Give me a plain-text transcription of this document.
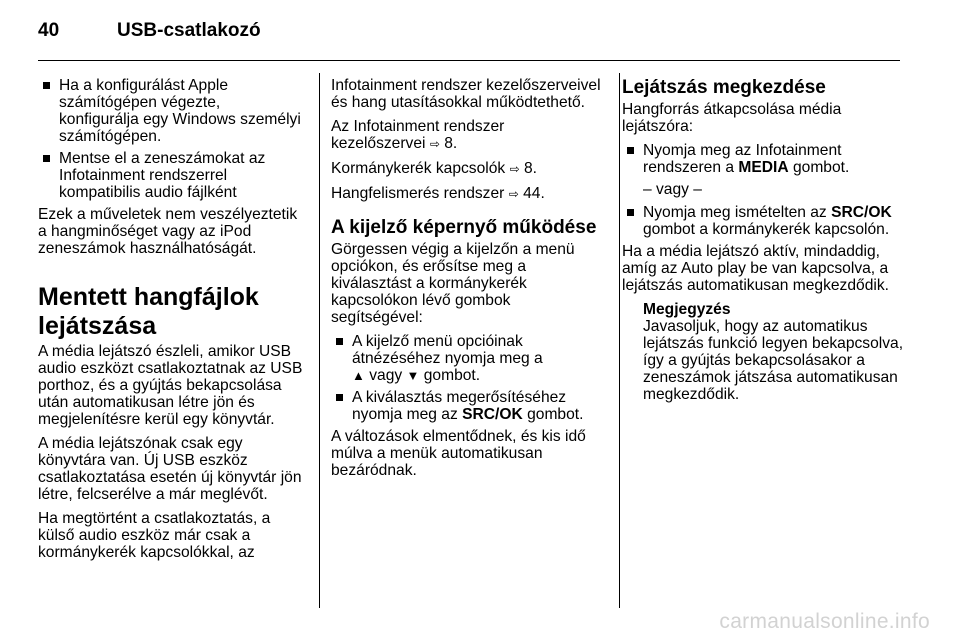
40	USB-csatlakozó
Ha a konfigurálást Apple számítógépen végezte, konfigurálja egy Windows személyi számítógépen.
Mentse el a zeneszámokat az Infotainment rendszerrel kompatibilis audio fájlként

Ezek a műveletek nem veszélyeztetik a hangminőséget vagy az iPod zeneszámok használhatóságát.

Mentett hangfájlok lejátszása

A média lejátszó észleli, amikor USB audio eszközt csatlakoztatnak az USB porthoz, és a gyújtás bekapcsolása után automatikusan létre jön és megjelenítésre kerül egy könyvtár.

A média lejátszónak csak egy könyvtára van. Új USB eszköz csatlakoztatása esetén új könyvtár jön létre, felcserélve a már meglévőt.

Ha megtörtént a csatlakoztatás, a külső audio eszköz már csak a kormánykerék kapcsolókkal, az

Infotainment rendszer kezelőszerveivel és hang utasításokkal működtethető.

Az Infotainment rendszer kezelőszervei ⇨ 8.

Kormánykerék kapcsolók ⇨ 8.

Hangfelismerés rendszer ⇨ 44.

A kijelző képernyő működése

Görgessen végig a kijelzőn a menü opciókon, és erősítse meg a kiválasztást a kormánykerék kapcsolókon lévő gombok segítségével:

A kijelző menü opcióinak átnézéséhez nyomja meg a
▲ vagy ▼ gombot.
A kiválasztás megerősítéséhez nyomja meg az SRC/OK gombot.

A változások elmentődnek, és kis idő múlva a menük automatikusan bezáródnak.

Lejátszás megkezdése

Hangforrás átkapcsolása média lejátszóra:

Nyomja meg az Infotainment rendszeren a MEDIA gombot.

– vagy –

Nyomja meg ismételten az SRC/OK gombot a kormánykerék kapcsolón.

Ha a média lejátszó aktív, mindaddig, amíg az Auto play be van kapcsolva, a lejátszás automatikusan megkezdődik.

Megjegyzés
Javasoljuk, hogy az automatikus lejátszás funkció legyen bekapcsolva, így a gyújtás bekapcsolásakor a zeneszámok játszása automatikusan megkezdődik.
carmanualsonline.info
